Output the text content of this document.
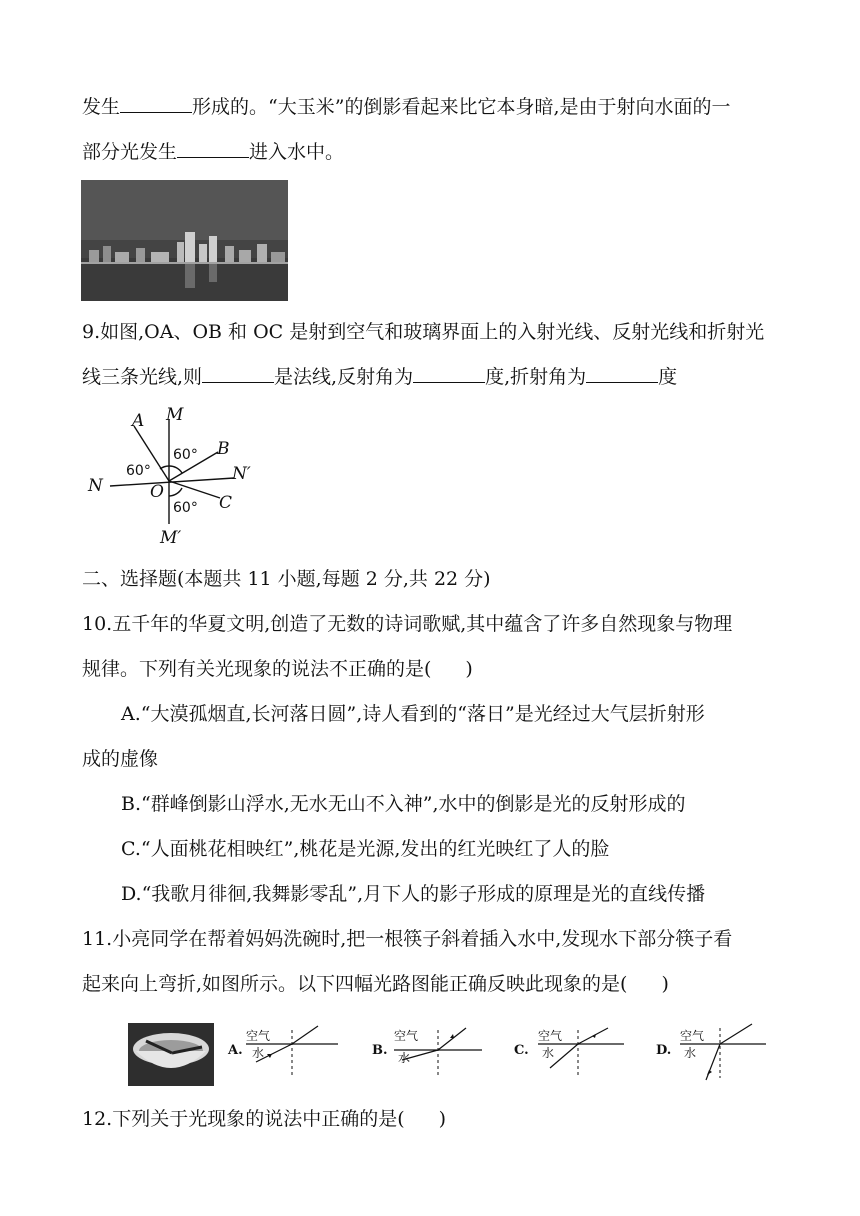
发生	形成的。“大玉米”的倒影看起来比它本身暗,是由于射向水面的一
部分光发生	进入水中。
9.如图,OA、OB 和 OC 是射到空气和玻璃界面上的入射光线、反射光线和折射光
线三条光线,则	是法线,反射角为	度,折射角为	度
A M
B
N	O
N′
C
M′
60°
60°
60°
二、选择题(本题共 11 小题,每题 2 分,共 22 分)
10.五千年的华夏文明,创造了无数的诗词歌赋,其中蕴含了许多自然现象与物理
规律。下列有关光现象的说法不正确的是( )
A.“大漠孤烟直,长河落日圆”,诗人看到的“落日”是光经过大气层折射形
成的虚像
B.“群峰倒影山浮水,无水无山不入神”,水中的倒影是光的反射形成的
C.“人面桃花相映红”,桃花是光源,发出的红光映红了人的脸
D.“我歌月徘徊,我舞影零乱”,月下人的影子形成的原理是光的直线传播
11.小亮同学在帮着妈妈洗碗时,把一根筷子斜着插入水中,发现水下部分筷子看
起来向上弯折,如图所示。以下四幅光路图能正确反映此现象的是( )
A.
空气
水	B.
空气
水	C.
空气
水	D.
空气
水
12.下列关于光现象的说法中正确的是( )
